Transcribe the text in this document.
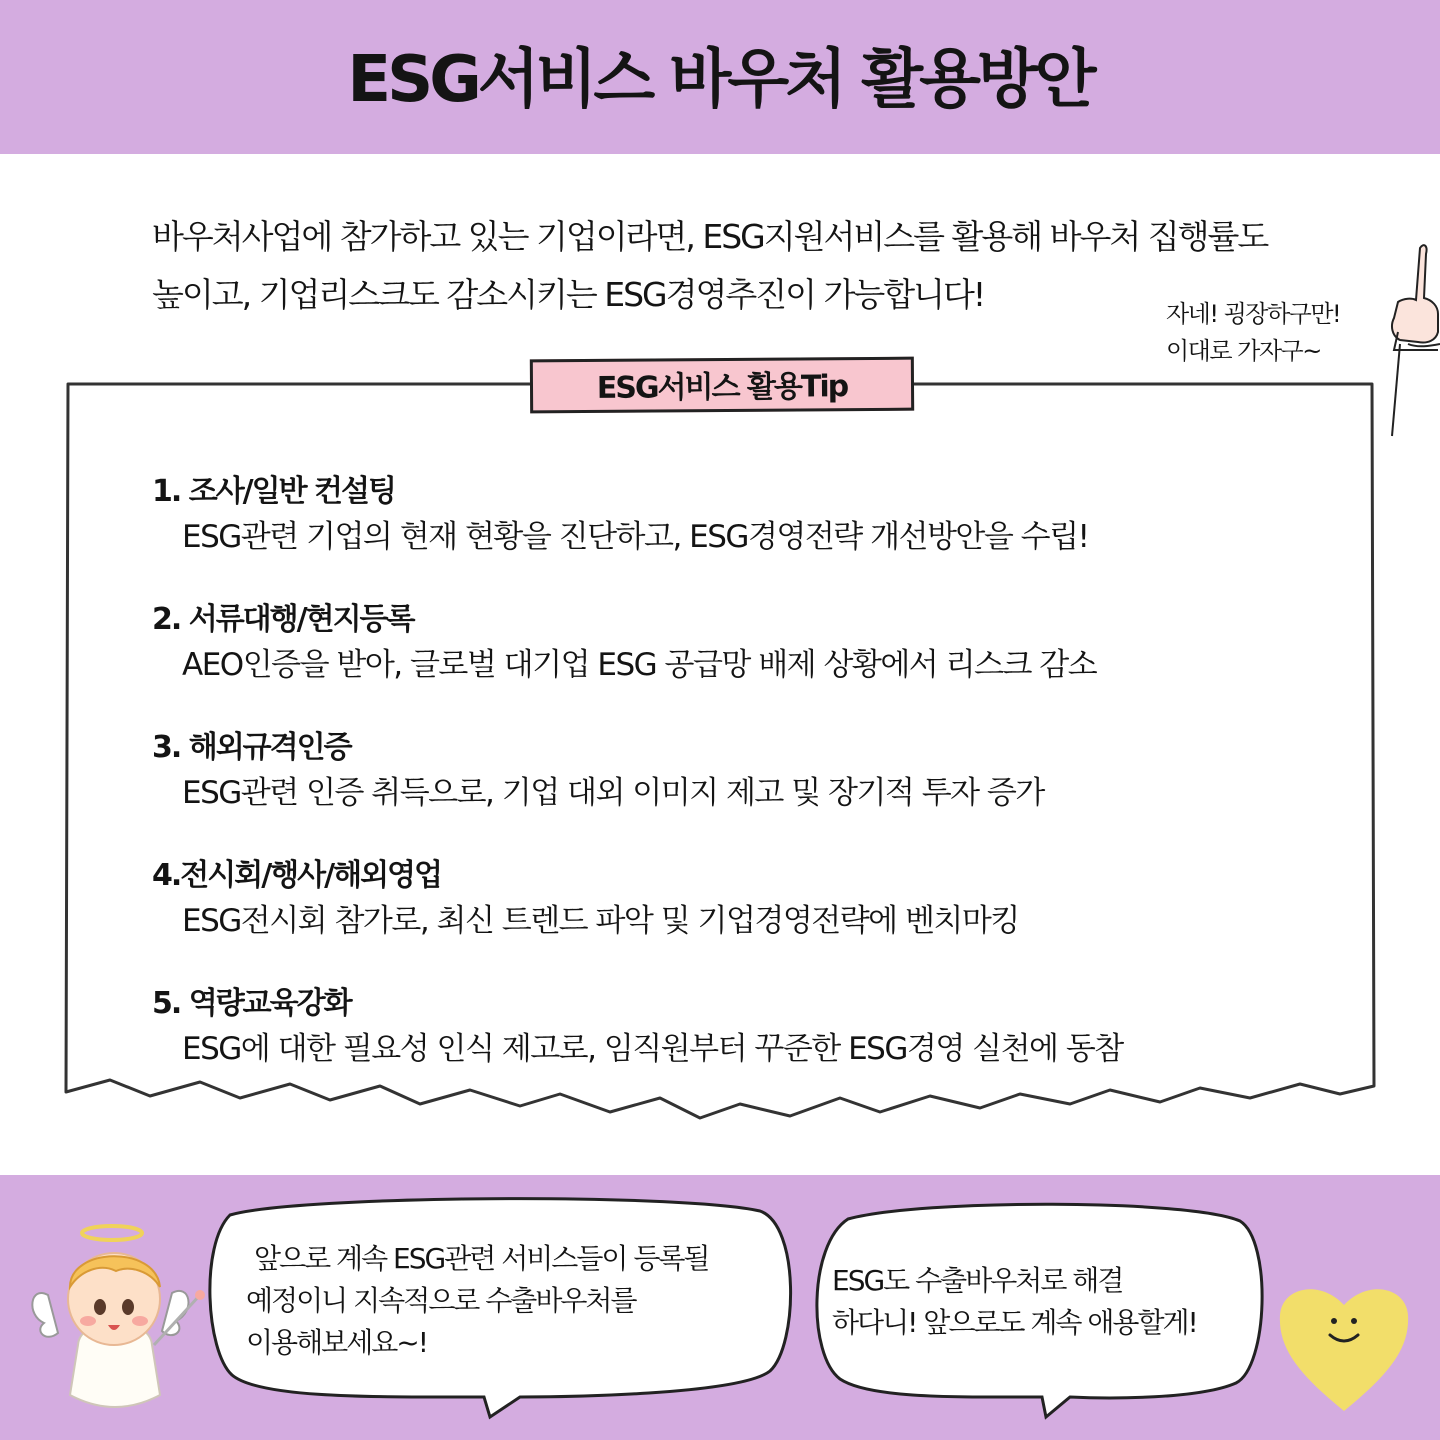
ESG서비스 바우처 활용방안
바우처사업에 참가하고 있는 기업이라면, ESG지원서비스를 활용해 바우처 집행률도
높이고, 기업리스크도 감소시키는 ESG경영추진이 가능합니다!	자네! 굉장하구만!
이대로 가자구~
ESG서비스 활용Tip
1. 조사/일반 컨설팅
ESG관련 기업의 현재 현황을 진단하고, ESG경영전략 개선방안을 수립!
2. 서류대행/현지등록
AEO인증을 받아, 글로벌 대기업 ESG 공급망 배제 상황에서 리스크 감소
3. 해외규격인증
ESG관련 인증 취득으로, 기업 대외 이미지 제고 및 장기적 투자 증가
4.전시회/행사/해외영업
ESG전시회 참가로, 최신 트렌드 파악 및 기업경영전략에 벤치마킹
5. 역량교육강화
ESG에 대한 필요성 인식 제고로, 임직원부터 꾸준한 ESG경영 실천에 동참
앞으로 계속 ESG관련 서비스들이 등록될
예정이니 지속적으로 수출바우처를
이용해보세요~!
ESG도 수출바우처로 해결
하다니! 앞으로도 계속 애용할게!
